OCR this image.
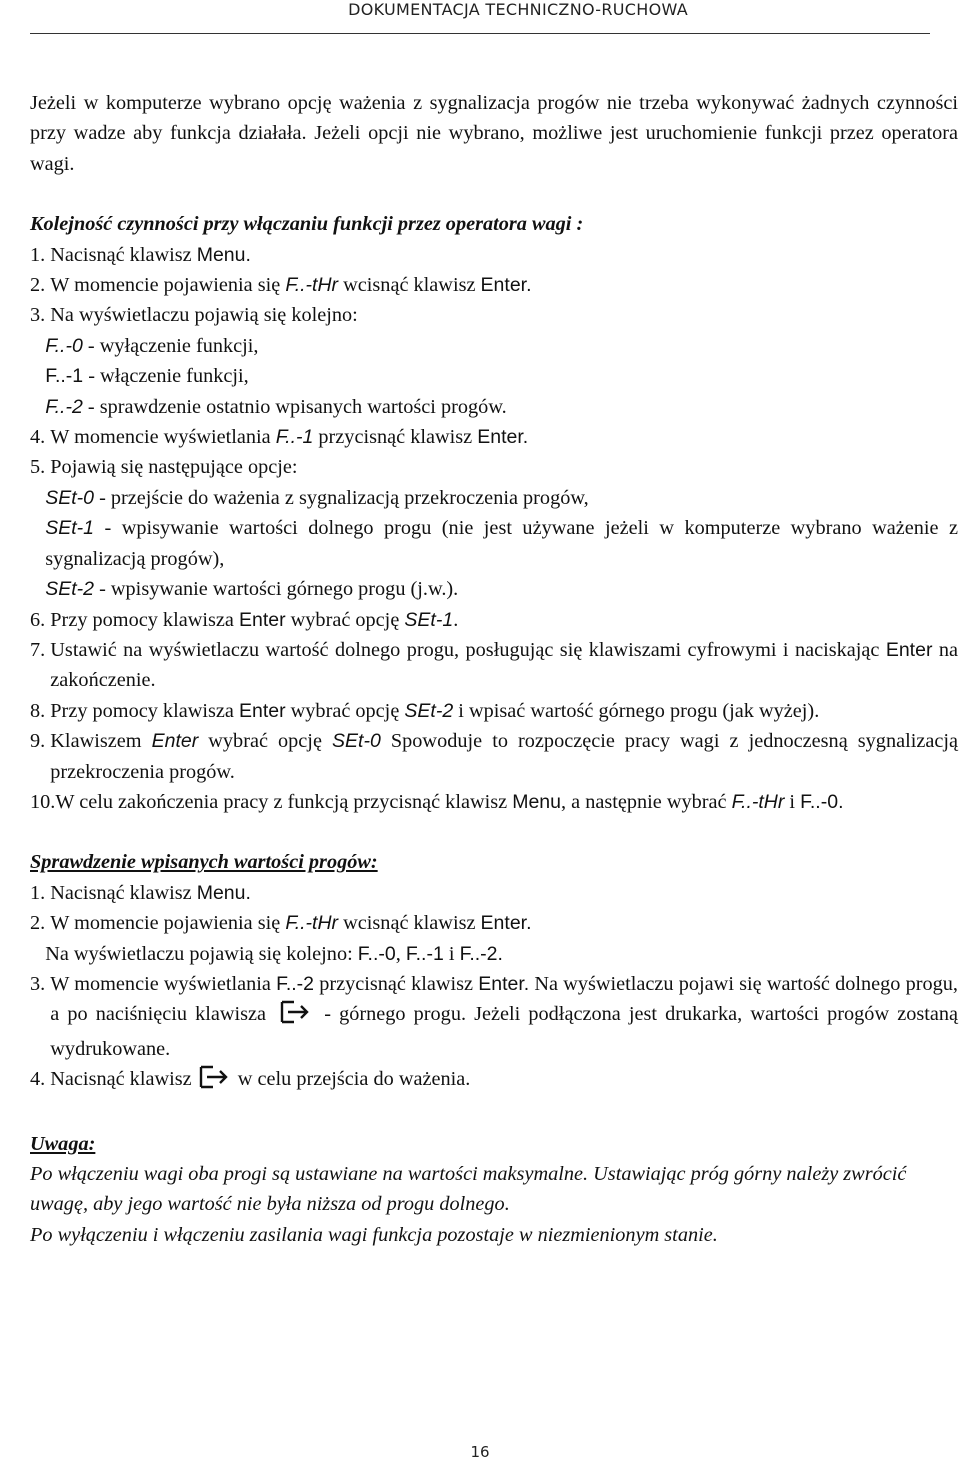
DOKUMENTACJA TECHNICZNO-RUCHOWA

Jeżeli w komputerze wybrano opcję ważenia z sygnalizacja progów nie trzeba wykonywać żadnych czynności przy wadze aby funkcja działała. Jeżeli opcji nie wybrano, możliwe jest uruchomienie funkcji przez operatora wagi.

Kolejność czynności przy włączaniu funkcji przez operatora wagi :

1. Nacisnąć klawisz Menu.
2. W momencie pojawienia się F..-tHr wcisnąć klawisz Enter.
3. Na wyświetlaczu pojawią się kolejno:

F..-0 - wyłączenie funkcji,

F..-1 - włączenie funkcji,

F..-2 - sprawdzenie ostatnio wpisanych wartości progów.
4. W momencie wyświetlania F..-1 przycisnąć klawisz Enter.
5. Pojawią się następujące opcje:

SEt-0 - przejście do ważenia z sygnalizacją przekroczenia progów,

SEt-1 - wpisywanie wartości dolnego progu (nie jest używane jeżeli w komputerze wybrano ważenie z sygnalizacją progów),

SEt-2 - wpisywanie wartości górnego progu (j.w.).
6. Przy pomocy klawisza Enter wybrać opcję SEt-1.
7. Ustawić na wyświetlaczu wartość dolnego progu, posługując się klawiszami cyfrowymi i naciskając Enter na zakończenie.
8. Przy pomocy klawisza Enter wybrać opcję SEt-2 i wpisać wartość górnego progu (jak wyżej).
9. Klawiszem Enter wybrać opcję SEt-0 Spowoduje to rozpoczęcie pracy wagi z jednoczesną sygnalizacją przekroczenia progów.
10. W celu zakończenia pracy z funkcją przycisnąć klawisz Menu, a następnie wybrać F..-tHr i F..-0.

Sprawdzenie wpisanych wartości progów:

1. Nacisnąć klawisz Menu.
2. W momencie pojawienia się F..-tHr wcisnąć klawisz Enter.

Na wyświetlaczu pojawią się kolejno: F..-0, F..-1 i F..-2.
3. W momencie wyświetlania F..-2 przycisnąć klawisz Enter. Na wyświetlaczu pojawi się wartość dolnego progu, a po naciśnięciu klawisza  - górnego progu. Jeżeli podłączona jest drukarka, wartości progów zostaną wydrukowane.
4. Nacisnąć klawisz  w celu przejścia do ważenia.

Uwaga:

Po włączeniu wagi oba progi są ustawiane na wartości maksymalne. Ustawiając próg górny należy zwrócić uwagę, aby jego wartość nie była niższa od progu dolnego.

Po wyłączeniu i włączeniu zasilania wagi funkcja pozostaje w niezmienionym stanie.

16
